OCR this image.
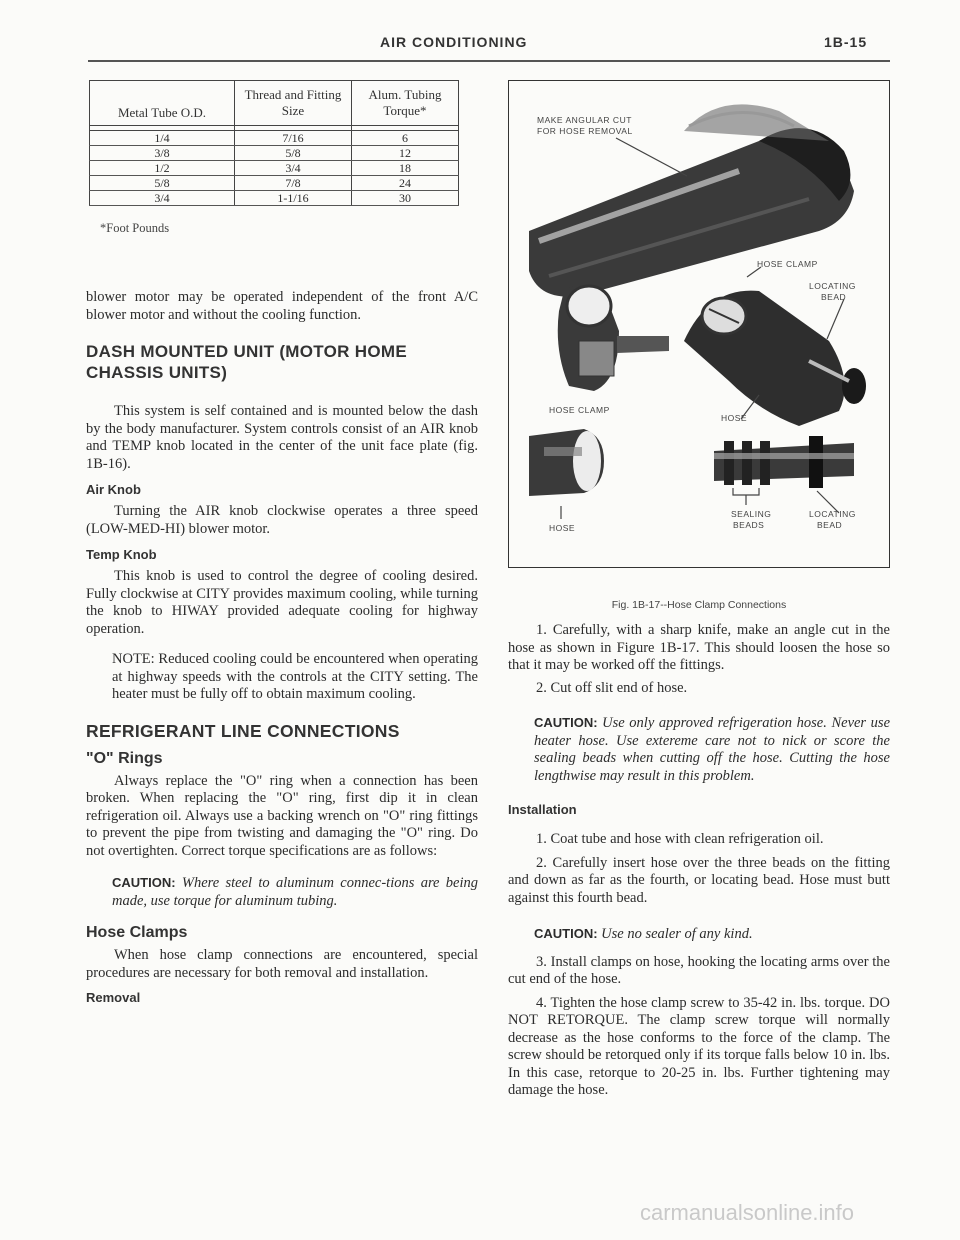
AIR CONDITIONING	1B-15
Metal Tube O.D.	Thread and Fitting Size	Alum. Tubing Torque*

1/4	7/16	6
3/8	5/8	12
1/2	3/4	18
5/8	7/8	24
3/4	1-1/16	30
*Foot Pounds

blower motor may be operated independent of the front A/C blower motor and without the cooling function.

DASH MOUNTED UNIT (MOTOR HOME CHASSIS UNITS)

This system is self contained and is mounted below the dash by the body manufacturer. System controls consist of an AIR knob and TEMP knob located in the center of the unit face plate (fig. 1B-16).

Air Knob

Turning the AIR knob clockwise operates a three speed (LOW-MED-HI) blower motor.

Temp Knob

This knob is used to control the degree of cooling desired. Fully clockwise at CITY provides maximum cooling, while turning the knob to HIWAY provided adequate cooling for highway operation.

NOTE: Reduced cooling could be encountered when operating at highway speeds with the controls at the CITY setting. The heater must be fully off to obtain maximum cooling.

REFRIGERANT LINE CONNECTIONS
"O" Rings

Always replace the "O" ring when a connection has been broken. When replacing the "O" ring, first dip it in clean refrigeration oil. Always use a backing wrench on "O" ring fittings to prevent the pipe from twisting and damaging the "O" ring. Do not overtighten. Correct torque specifications are as follows:

CAUTION: Where steel to aluminum connec-tions are being made, use torque for aluminum tubing.

Hose Clamps

When hose clamp connections are encountered, special procedures are necessary for both removal and installation.

Removal
MAKE ANGULAR CUT
FOR HOSE REMOVAL
HOSE CLAMP
LOCATING
BEAD
HOSE CLAMP
HOSE
HOSE
SEALING
BEADS
LOCATING
BEAD
Fig. 1B-17--Hose Clamp Connections

1. Carefully, with a sharp knife, make an angle cut in the hose as shown in Figure 1B-17. This should loosen the hose so that it may be worked off the fittings.

2. Cut off slit end of hose.

CAUTION: Use only approved refrigeration hose. Never use heater hose. Use extereme care not to nick or score the sealing beads when cutting off the hose. Cutting the hose lengthwise may result in this problem.

Installation

1. Coat tube and hose with clean refrigeration oil.

2. Carefully insert hose over the three beads on the fitting and down as far as the fourth, or locating bead. Hose must butt against this fourth bead.

CAUTION: Use no sealer of any kind.

3. Install clamps on hose, hooking the locating arms over the cut end of the hose.

4. Tighten the hose clamp screw to 35-42 in. lbs. torque. DO NOT RETORQUE. The clamp screw torque will normally decrease as the hose conforms to the force of the clamp. The screw should be retorqued only if its torque falls below 10 in. lbs. In this case, retorque to 20-25 in. lbs. Further tightening may damage the hose.

carmanualsonline.info
